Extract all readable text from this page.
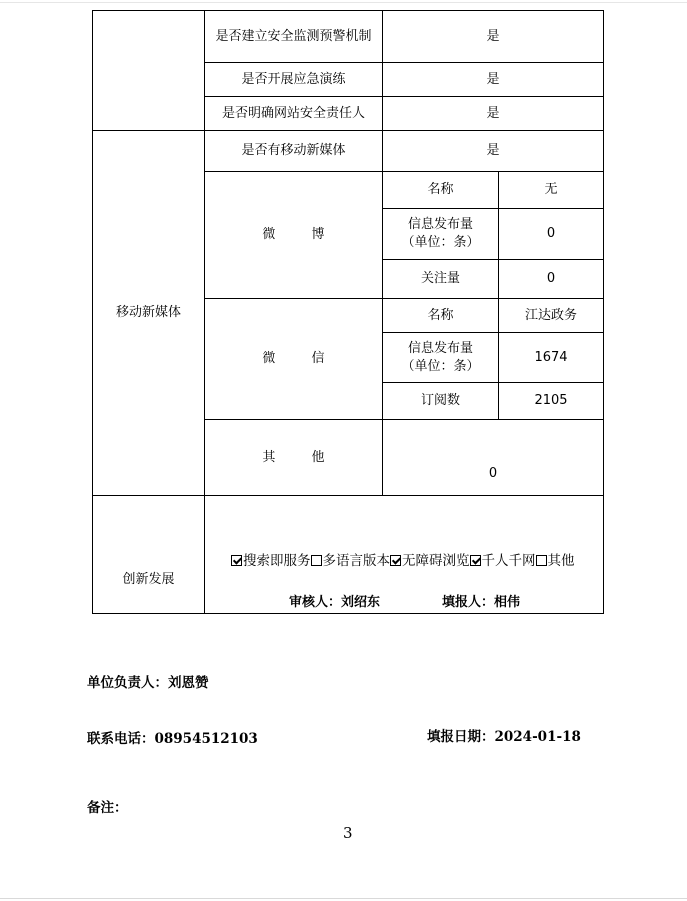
	是否建立安全监测预警机制	是	
	是否开展应急演练	是	
	是否明确网站安全责任人	是	
移动新媒体	是否有移动新媒体	是	
	微 博	名称	无
		信息发布量
（单位：条）	0
		关注量	0
	微 信	名称	江达政务
		信息发布量
（单位：条）	1674
		订阅数	2105
	其 他	0	

创新发展	搜索即服务 多语言版本 无障碍浏览 千人千网 其他
审核人：刘绍东 填报人：相伟		
单位负责人：刘恩赞
联系电话：08954512103	填报日期：2024-01-18
备注：
3
